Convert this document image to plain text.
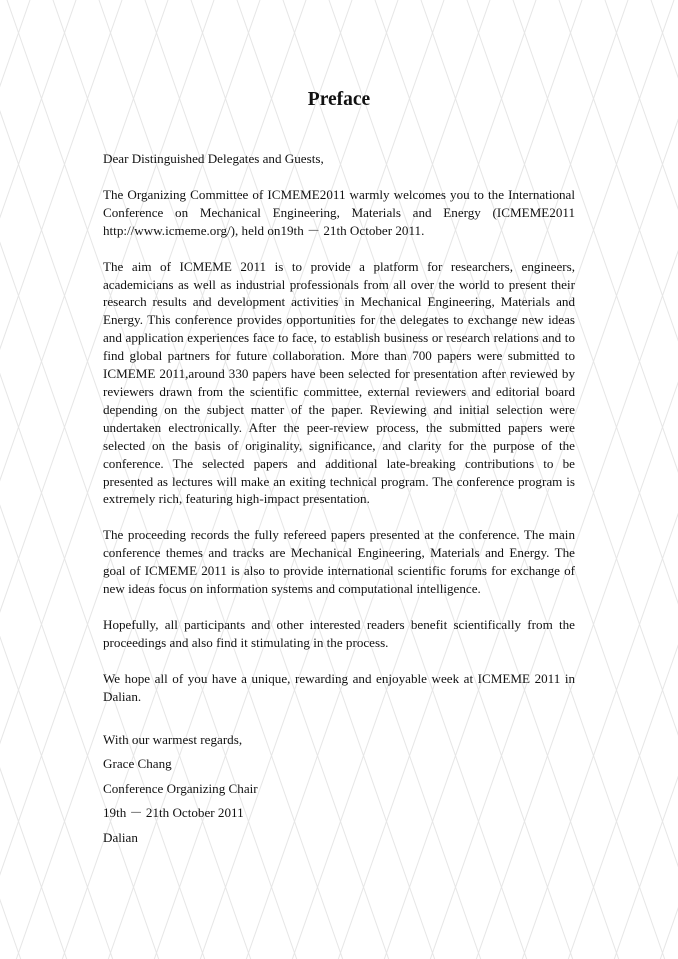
Preface

Dear Distinguished Delegates and Guests,

The Organizing Committee of ICMEME2011 warmly welcomes you to the International Conference on Mechanical Engineering, Materials and Energy (ICMEME2011 http://www.icmeme.org/), held on19th － 21th October 2011.

The aim of ICMEME 2011 is to provide a platform for researchers, engineers, academicians as well as industrial professionals from all over the world to present their research results and development activities in Mechanical Engineering, Materials and Energy. This conference provides opportunities for the delegates to exchange new ideas and application experiences face to face, to establish business or research relations and to find global partners for future collaboration. More than 700 papers were submitted to ICMEME 2011,around 330 papers have been selected for presentation after reviewed by reviewers drawn from the scientific committee, external reviewers and editorial board depending on the subject matter of the paper. Reviewing and initial selection were undertaken electronically. After the peer-review process, the submitted papers were selected on the basis of originality, significance, and clarity for the purpose of the conference. The selected papers and additional late-breaking contributions to be presented as lectures will make an exiting technical program. The conference program is extremely rich, featuring high-impact presentation.

The proceeding records the fully refereed papers presented at the conference. The main conference themes and tracks are Mechanical Engineering, Materials and Energy. The goal of ICMEME 2011 is also to provide international scientific forums for exchange of new ideas focus on information systems and computational intelligence.

Hopefully, all participants and other interested readers benefit scientifically from the proceedings and also find it stimulating in the process.

We hope all of you have a unique, rewarding and enjoyable week at ICMEME 2011 in Dalian.

With our warmest regards,
Grace Chang
Conference Organizing Chair
19th － 21th October 2011
Dalian
